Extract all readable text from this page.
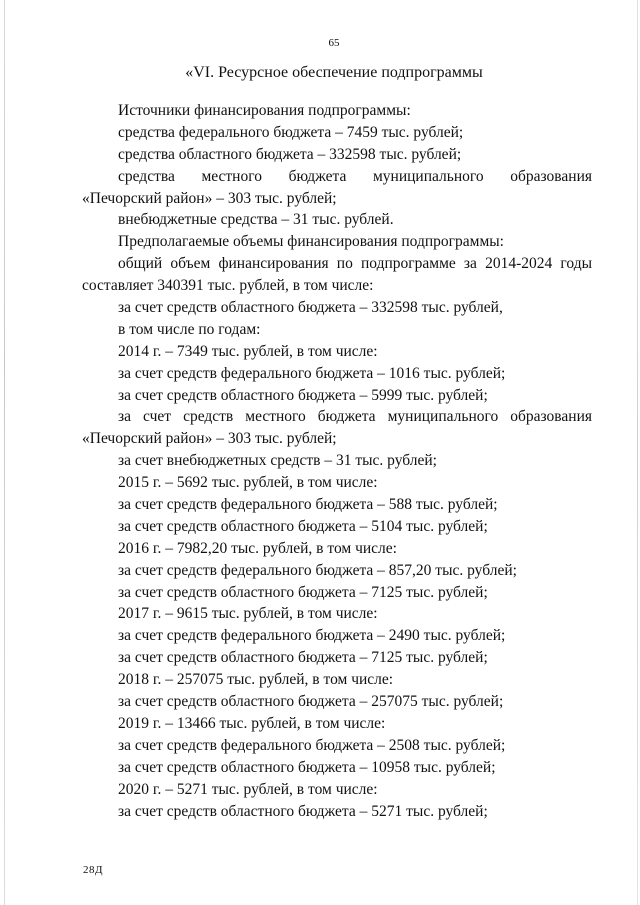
65
«VI. Ресурсное обеспечение подпрограммы
Источники финансирования подпрограммы:
средства федерального бюджета – 7459 тыс. рублей;
средства областного бюджета – 332598 тыс. рублей;
средства местного бюджета муниципального образования
«Печорский район» – 303 тыс. рублей;
внебюджетные средства – 31 тыс. рублей.
Предполагаемые объемы финансирования подпрограммы:
общий объем финансирования по подпрограмме за 2014-2024 годы
составляет 340391 тыс. рублей, в том числе:
за счет средств областного бюджета – 332598 тыс. рублей,
в том числе по годам:
2014 г. – 7349 тыс. рублей, в том числе:
за счет средств федерального бюджета – 1016 тыс. рублей;
за счет средств областного бюджета – 5999 тыс. рублей;
за счет средств местного бюджета муниципального образования
«Печорский район» – 303 тыс. рублей;
за счет внебюджетных средств – 31 тыс. рублей;
2015 г. – 5692 тыс. рублей, в том числе:
за счет средств федерального бюджета – 588 тыс. рублей;
за счет средств областного бюджета – 5104 тыс. рублей;
2016 г. – 7982,20 тыс. рублей, в том числе:
за счет средств федерального бюджета – 857,20 тыс. рублей;
за счет средств областного бюджета – 7125 тыс. рублей;
2017 г. – 9615 тыс. рублей, в том числе:
за счет средств федерального бюджета – 2490 тыс. рублей;
за счет средств областного бюджета – 7125 тыс. рублей;
2018 г. – 257075 тыс. рублей, в том числе:
за счет средств областного бюджета – 257075 тыс. рублей;
2019 г. – 13466 тыс. рублей, в том числе:
за счет средств федерального бюджета – 2508 тыс. рублей;
за счет средств областного бюджета – 10958 тыс. рублей;
2020 г. – 5271 тыс. рублей, в том числе:
за счет средств областного бюджета – 5271 тыс. рублей;
28Д
